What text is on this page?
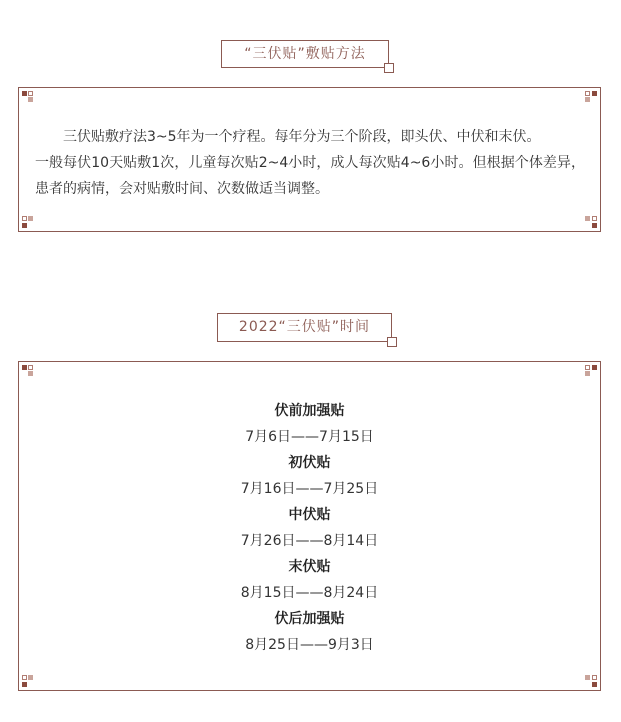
“三伏贴”敷贴方法

三伏贴敷疗法3~5年为一个疗程。每年分为三个阶段，即头伏、中伏和末伏。
一般每伏10天贴敷1次，儿童每次贴2~4小时，成人每次贴4~6小时。但根据个体差异，患者的病情，会对贴敷时间、次数做适当调整。

2022“三伏贴”时间
伏前加强贴
7月6日——7月15日
初伏贴
7月16日——7月25日
中伏贴
7月26日——8月14日
末伏贴
8月15日——8月24日
伏后加强贴
8月25日——9月3日
